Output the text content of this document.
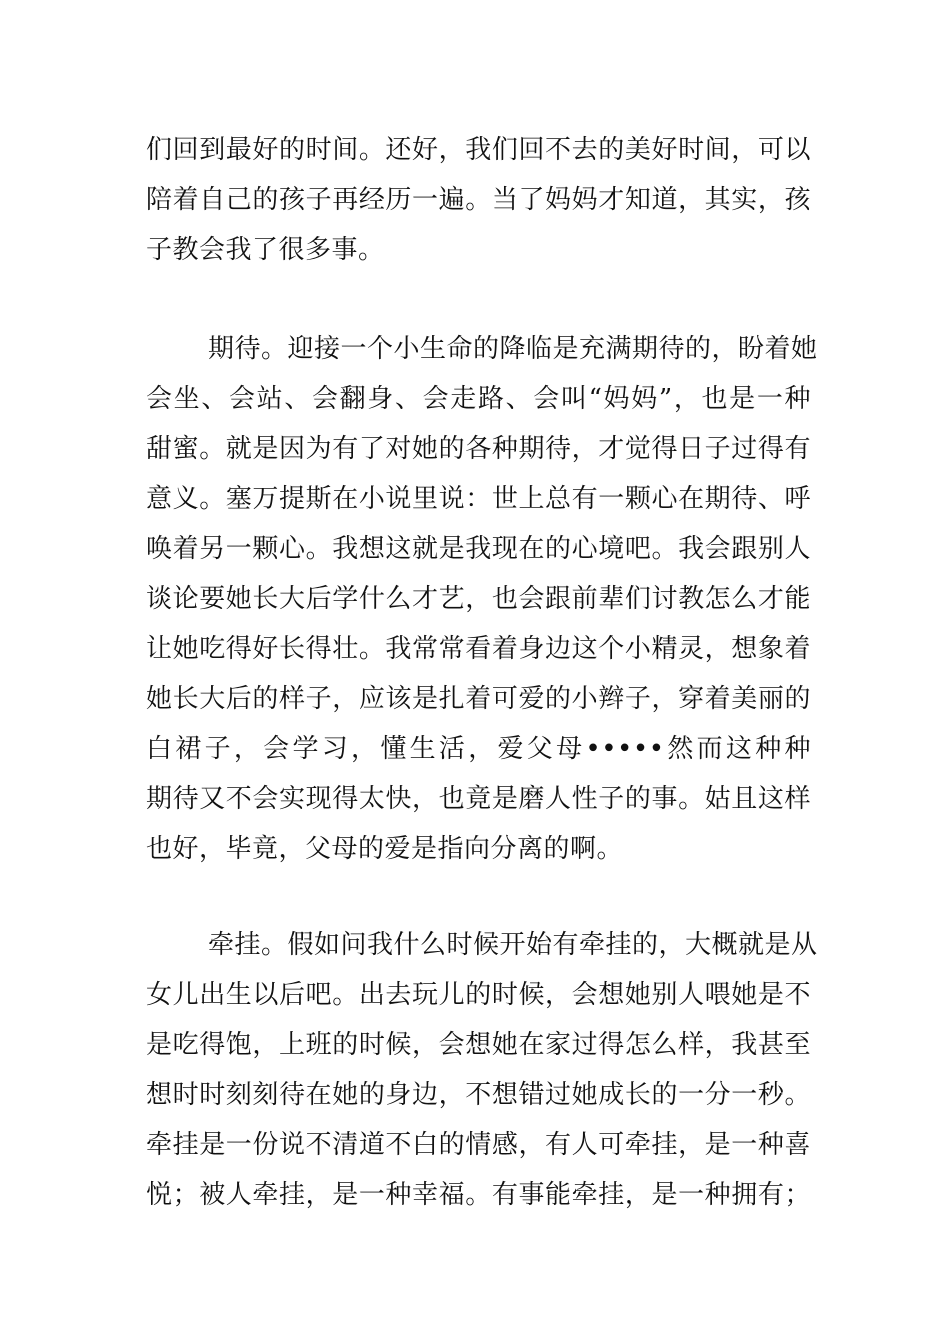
们回到最好的时间。还好，我们回不去的美好时间，可以
陪着自己的孩子再经历一遍。当了妈妈才知道，其实，孩
子教会我了很多事。
期待。迎接一个小生命的降临是充满期待的，盼着她
会坐、会站、会翻身、会走路、会叫“妈妈”，也是一种
甜蜜。就是因为有了对她的各种期待，才觉得日子过得有
意义。塞万提斯在小说里说：世上总有一颗心在期待、呼
唤着另一颗心。我想这就是我现在的心境吧。我会跟别人
谈论要她长大后学什么才艺，也会跟前辈们讨教怎么才能
让她吃得好长得壮。我常常看着身边这个小精灵，想象着
她长大后的样子，应该是扎着可爱的小辫子，穿着美丽的
白裙子，会学习，懂生活，爱父母•••••然而这种种
期待又不会实现得太快，也竟是磨人性子的事。姑且这样
也好，毕竟，父母的爱是指向分离的啊。
牵挂。假如问我什么时候开始有牵挂的，大概就是从
女儿出生以后吧。出去玩儿的时候，会想她别人喂她是不
是吃得饱，上班的时候，会想她在家过得怎么样，我甚至
想时时刻刻待在她的身边，不想错过她成长的一分一秒。
牵挂是一份说不清道不白的情感，有人可牵挂，是一种喜
悦；被人牵挂，是一种幸福。有事能牵挂，是一种拥有；
